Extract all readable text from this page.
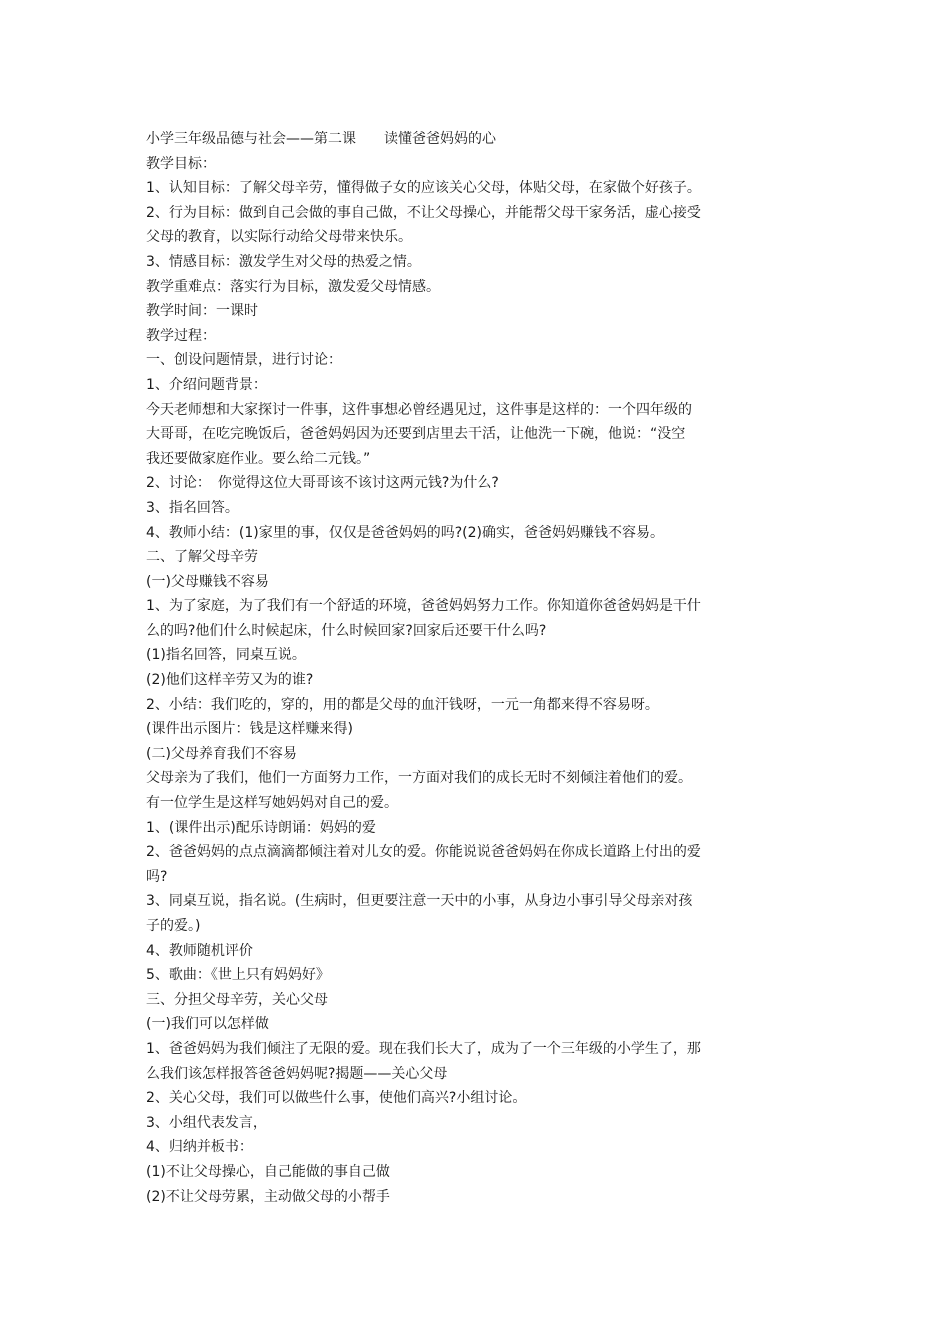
小学三年级品德与社会——第二课　　读懂爸爸妈妈的心
教学目标：
1、认知目标：了解父母辛劳，懂得做子女的应该关心父母，体贴父母，在家做个好孩子。
2、行为目标：做到自己会做的事自己做，不让父母操心，并能帮父母干家务活，虚心接受
父母的教育，以实际行动给父母带来快乐。
3、情感目标：激发学生对父母的热爱之情。
教学重难点：落实行为目标，激发爱父母情感。
教学时间：一课时
教学过程：
一、创设问题情景，进行讨论：
1、介绍问题背景：
今天老师想和大家探讨一件事，这件事想必曾经遇见过，这件事是这样的：一个四年级的
大哥哥，在吃完晚饭后，爸爸妈妈因为还要到店里去干活，让他洗一下碗，他说：“没空
我还要做家庭作业。要么给二元钱。”
2、讨论：　你觉得这位大哥哥该不该讨这两元钱?为什么?
3、指名回答。
4、教师小结：(1)家里的事，仅仅是爸爸妈妈的吗?(2)确实，爸爸妈妈赚钱不容易。
二、了解父母辛劳
(一)父母赚钱不容易
1、为了家庭，为了我们有一个舒适的环境，爸爸妈妈努力工作。你知道你爸爸妈妈是干什
么的吗?他们什么时候起床，什么时候回家?回家后还要干什么吗?
(1)指名回答，同桌互说。
(2)他们这样辛劳又为的谁?
2、小结：我们吃的，穿的，用的都是父母的血汗钱呀，一元一角都来得不容易呀。
(课件出示图片：钱是这样赚来得)
(二)父母养育我们不容易
父母亲为了我们，他们一方面努力工作，一方面对我们的成长无时不刻倾注着他们的爱。
有一位学生是这样写她妈妈对自己的爱。
1、(课件出示)配乐诗朗诵：妈妈的爱
2、爸爸妈妈的点点滴滴都倾注着对儿女的爱。你能说说爸爸妈妈在你成长道路上付出的爱
吗?
3、同桌互说，指名说。(生病时，但更要注意一天中的小事，从身边小事引导父母亲对孩
子的爱。)
4、教师随机评价
5、歌曲：《世上只有妈妈好》
三、分担父母辛劳，关心父母
(一)我们可以怎样做
1、爸爸妈妈为我们倾注了无限的爱。现在我们长大了，成为了一个三年级的小学生了，那
么我们该怎样报答爸爸妈妈呢?揭题——关心父母
2、关心父母，我们可以做些什么事，使他们高兴?小组讨论。
3、小组代表发言，
4、归纳并板书：
(1)不让父母操心，自己能做的事自己做
(2)不让父母劳累，主动做父母的小帮手
